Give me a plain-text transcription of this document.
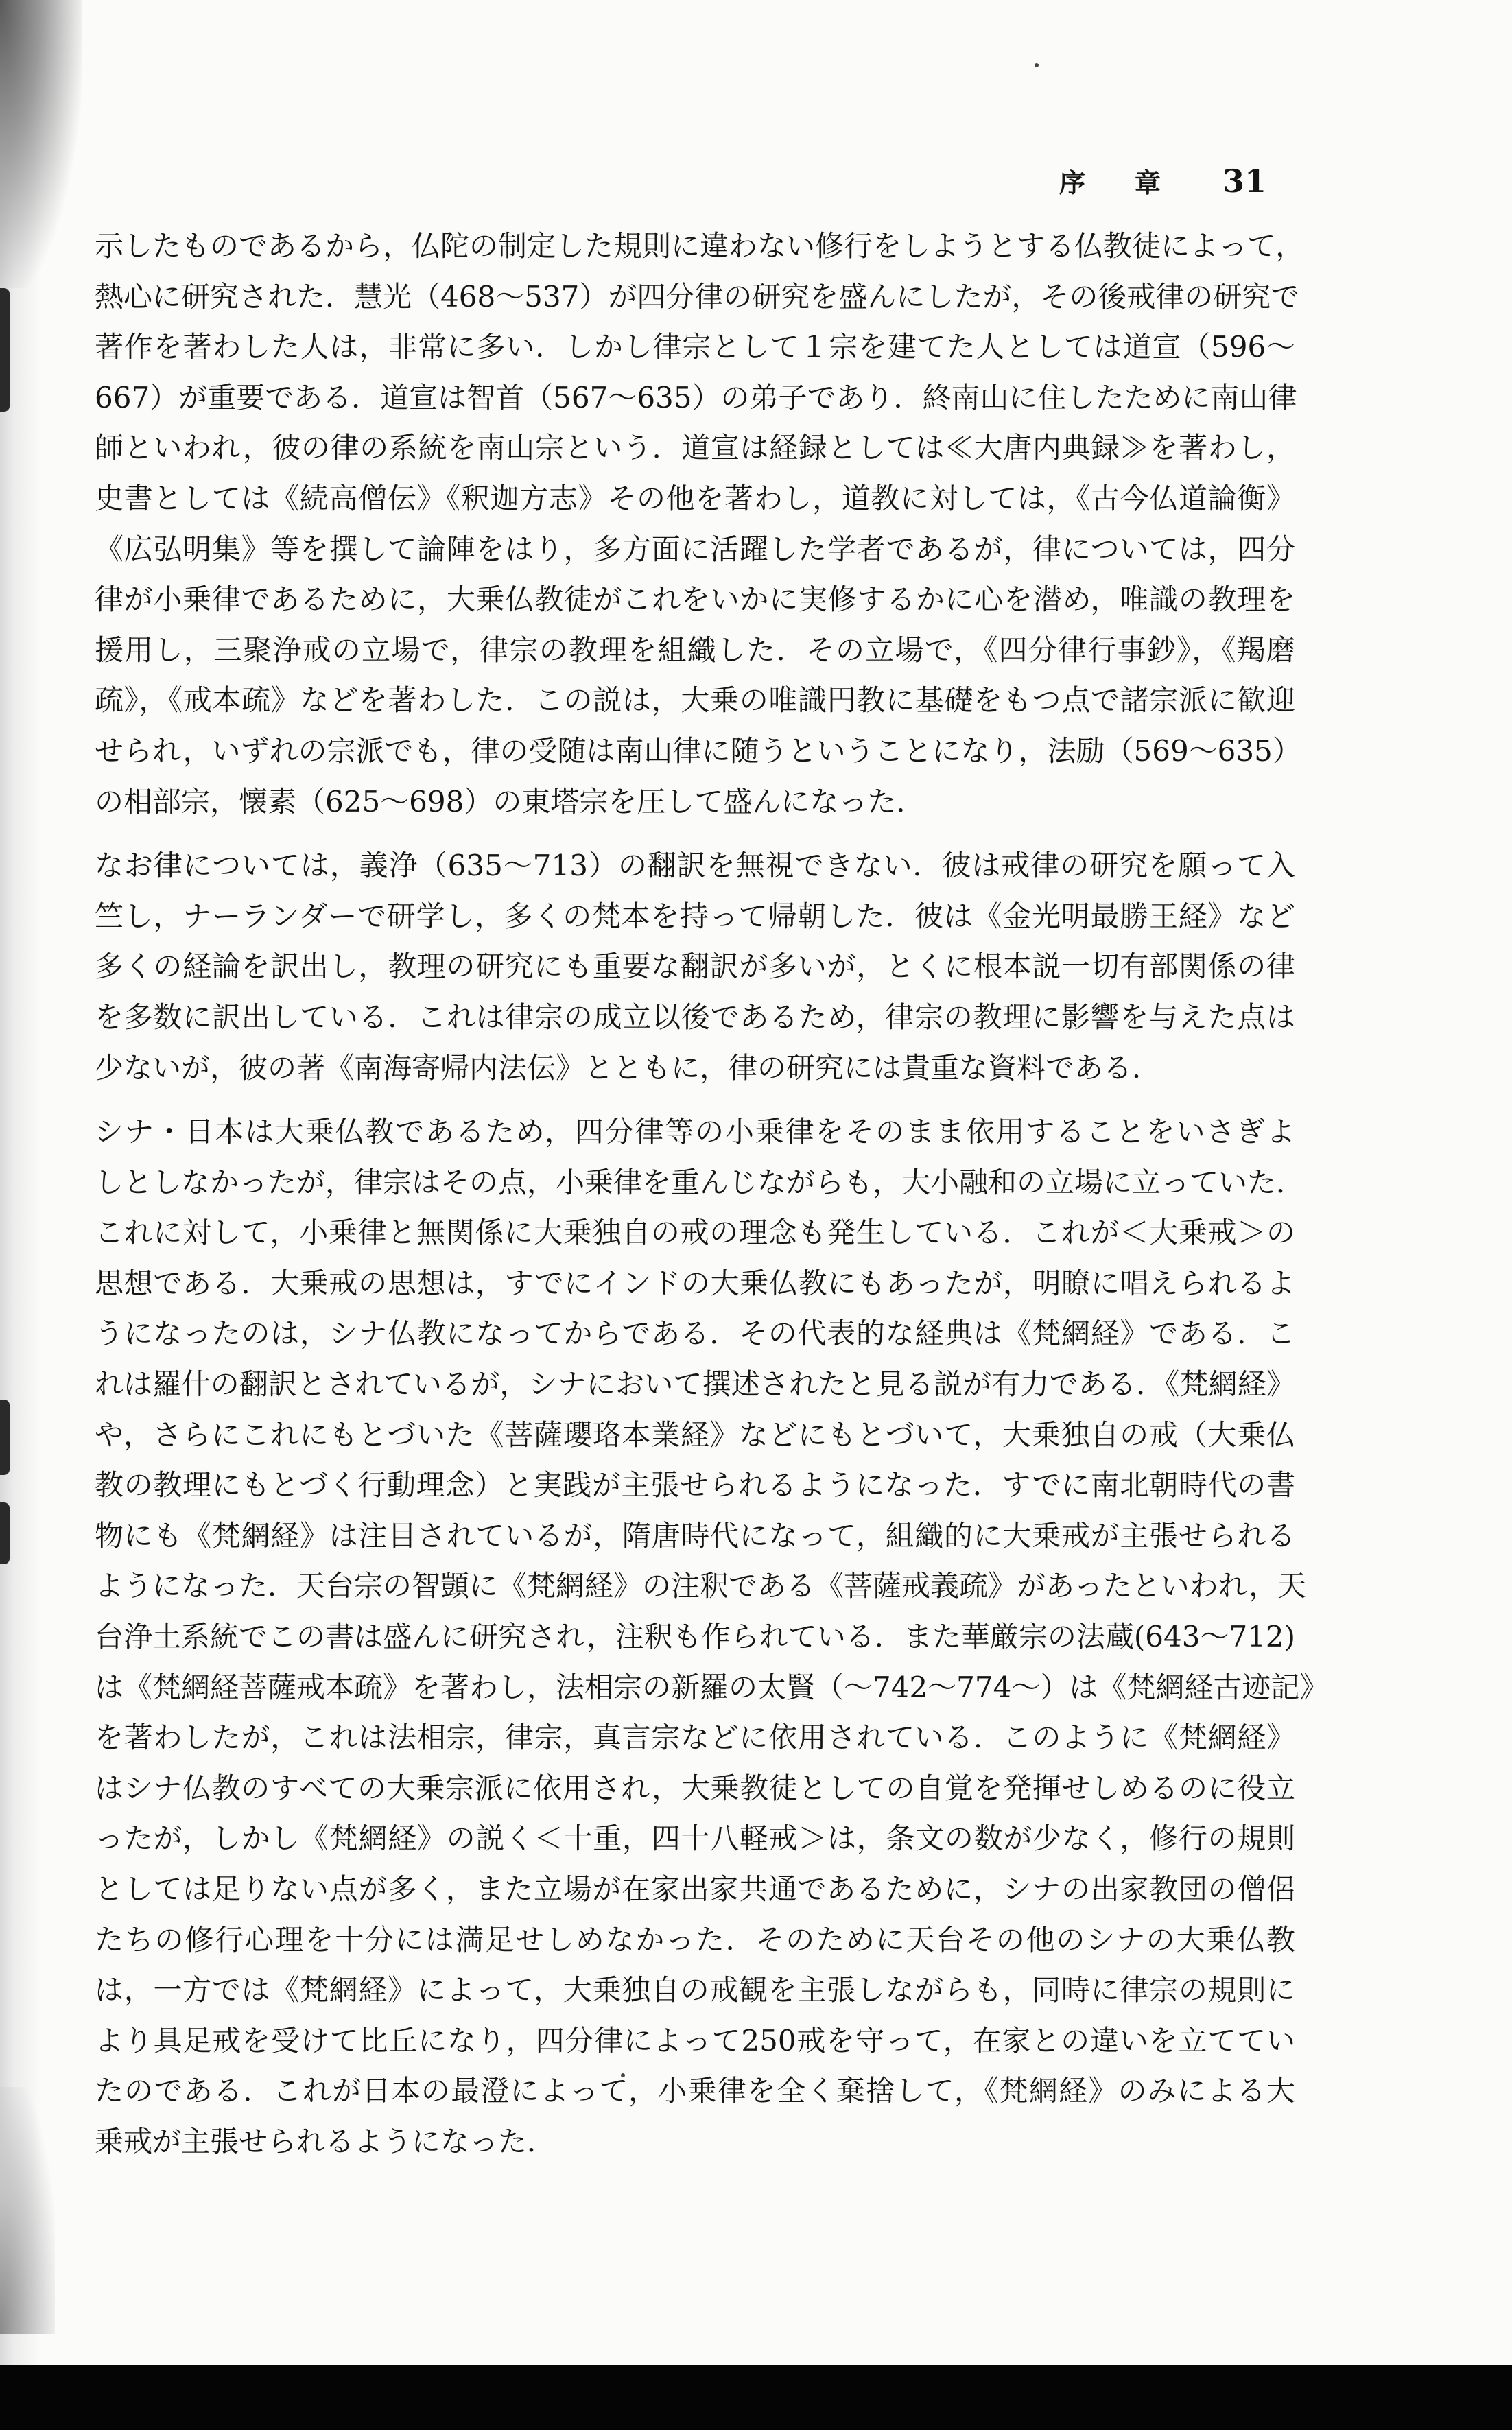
序章 31
示したものであるから，仏陀の制定した規則に違わない修行をしようとする仏教徒によって，
熱心に研究された．慧光（468～537）が四分律の研究を盛んにしたが，その後戒律の研究で
著作を著わした人は，非常に多い．しかし律宗として１宗を建てた人としては道宣（596～
667）が重要である．道宣は智首（567～635）の弟子であり．終南山に住したために南山律
師といわれ，彼の律の系統を南山宗という．道宣は経録としては≪大唐内典録≫を著わし，
史書としては《続高僧伝》《釈迦方志》その他を著わし，道教に対しては，《古今仏道論衡》
《広弘明集》等を撰して論陣をはり，多方面に活躍した学者であるが，律については，四分
律が小乗律であるために，大乗仏教徒がこれをいかに実修するかに心を潜め，唯識の教理を
援用し，三聚浄戒の立場で，律宗の教理を組織した．その立場で，《四分律行事鈔》，《羯磨
疏》，《戒本疏》などを著わした．この説は，大乗の唯識円教に基礎をもつ点で諸宗派に歓迎
せられ，いずれの宗派でも，律の受随は南山律に随うということになり，法励（569～635）
の相部宗，懐素（625～698）の東塔宗を圧して盛んになった．
なお律については，義浄（635～713）の翻訳を無視できない．彼は戒律の研究を願って入
竺し，ナーランダーで研学し，多くの梵本を持って帰朝した．彼は《金光明最勝王経》など
多くの経論を訳出し，教理の研究にも重要な翻訳が多いが，とくに根本説一切有部関係の律
を多数に訳出している．これは律宗の成立以後であるため，律宗の教理に影響を与えた点は
少ないが，彼の著《南海寄帰内法伝》とともに，律の研究には貴重な資料である．
シナ・日本は大乗仏教であるため，四分律等の小乗律をそのまま依用することをいさぎよ
しとしなかったが，律宗はその点，小乗律を重んじながらも，大小融和の立場に立っていた．
これに対して，小乗律と無関係に大乗独自の戒の理念も発生している．これが＜大乗戒＞の
思想である．大乗戒の思想は，すでにインドの大乗仏教にもあったが，明瞭に唱えられるよ
うになったのは，シナ仏教になってからである．その代表的な経典は《梵網経》である．こ
れは羅什の翻訳とされているが，シナにおいて撰述されたと見る説が有力である．《梵網経》
や，さらにこれにもとづいた《菩薩瓔珞本業経》などにもとづいて，大乗独自の戒（大乗仏
教の教理にもとづく行動理念）と実践が主張せられるようになった．すでに南北朝時代の書
物にも《梵網経》は注目されているが，隋唐時代になって，組織的に大乗戒が主張せられる
ようになった．天台宗の智顗に《梵網経》の注釈である《菩薩戒義疏》があったといわれ，天
台浄土系統でこの書は盛んに研究され，注釈も作られている．また華厳宗の法蔵(643～712)
は《梵網経菩薩戒本疏》を著わし，法相宗の新羅の太賢（～742～774～）は《梵網経古迹記》
を著わしたが，これは法相宗，律宗，真言宗などに依用されている．このように《梵網経》
はシナ仏教のすべての大乗宗派に依用され，大乗教徒としての自覚を発揮せしめるのに役立
ったが，しかし《梵網経》の説く＜十重，四十八軽戒＞は，条文の数が少なく，修行の規則
としては足りない点が多く，また立場が在家出家共通であるために，シナの出家教団の僧侶
たちの修行心理を十分には満足せしめなかった．そのために天台その他のシナの大乗仏教
は，一方では《梵網経》によって，大乗独自の戒観を主張しながらも，同時に律宗の規則に
より具足戒を受けて比丘になり，四分律によって250戒を守って，在家との違いを立ててい
たのである．これが日本の最澄によって，小乗律を全く棄捨して，《梵網経》のみによる大
乗戒が主張せられるようになった．
